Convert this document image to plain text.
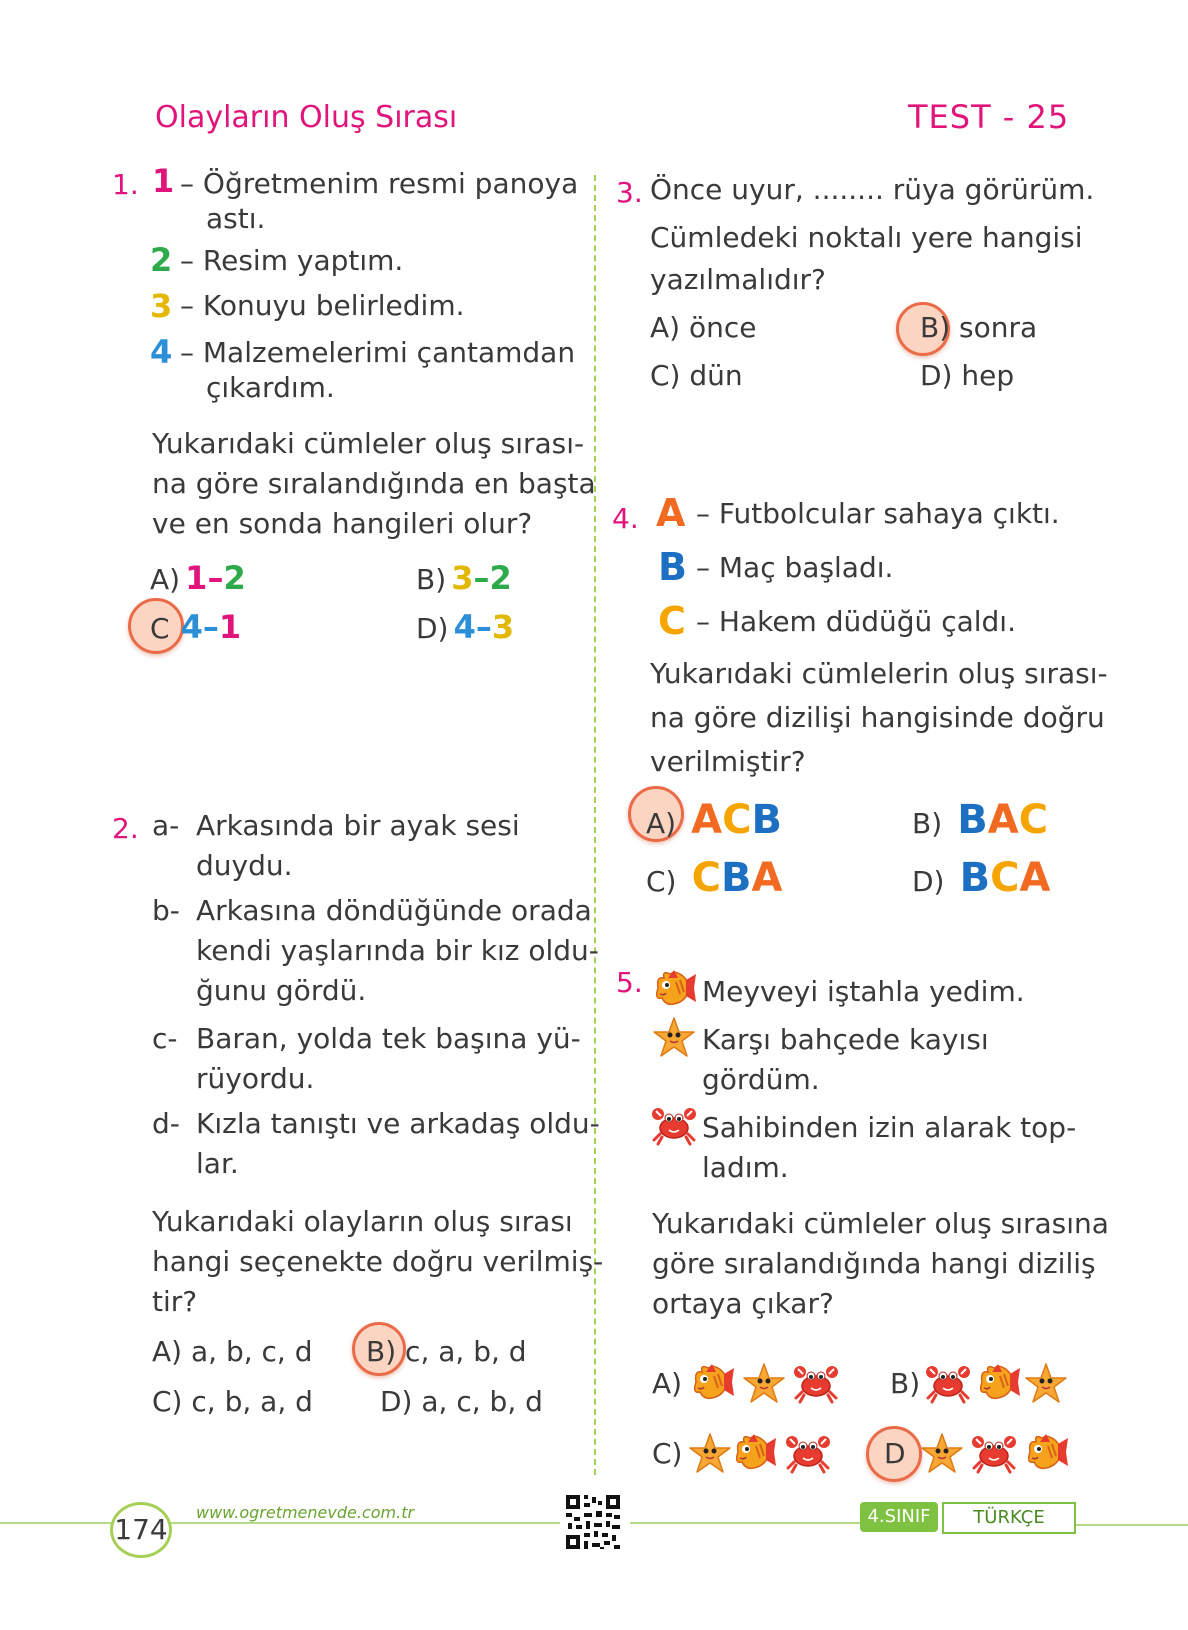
Olayların Oluş Sırası	TEST - 25
1. 1 – Öğretmenim resmi panoya
astı.
2 – Resim yaptım.
3 – Konuyu belirledim.
4 – Malzemelerimi çantamdan
çıkardım.
Yukarıdaki cümleler oluş sırası-
na göre sıralandığında en başta
ve en sonda hangileri olur?
A) 1–2	B) 3–2
C 4–1	D) 4–3
2. a- Arkasında bir ayak sesi
duydu.
b- Arkasına döndüğünde orada
kendi yaşlarında bir kız oldu-
ğunu gördü.
c- Baran, yolda tek başına yü-
rüyordu.
d- Kızla tanıştı ve arkadaş oldu-
lar.
Yukarıdaki olayların oluş sırası
hangi seçenekte doğru verilmiş-
tir?
A) a, b, c, d B) c, a, b, d
C) c, b, a, d D) a, c, b, d
3. Önce uyur, ........ rüya görürüm.
Cümledeki noktalı yere hangisi
yazılmalıdır?
A) önce	B) sonra
C) dün	D) hep
4. A – Futbolcular sahaya çıktı.
B – Maç başladı.
C – Hakem düdüğü çaldı.
Yukarıdaki cümlelerin oluş sırası-
na göre dizilişi hangisinde doğru
verilmiştir?
A) ACB	B) BAC
C) CBA	D) BCA
5. Meyveyi iştahla yedim.
Karşı bahçede kayısı
gördüm.
Sahibinden izin alarak top-
ladım.
Yukarıdaki cümleler oluş sırasına
göre sıralandığında hangi diziliş
ortaya çıkar?
A)	B)
C)	D
174
www.ogretmenevde.com.tr	4.SINIF	TÜRKÇE
